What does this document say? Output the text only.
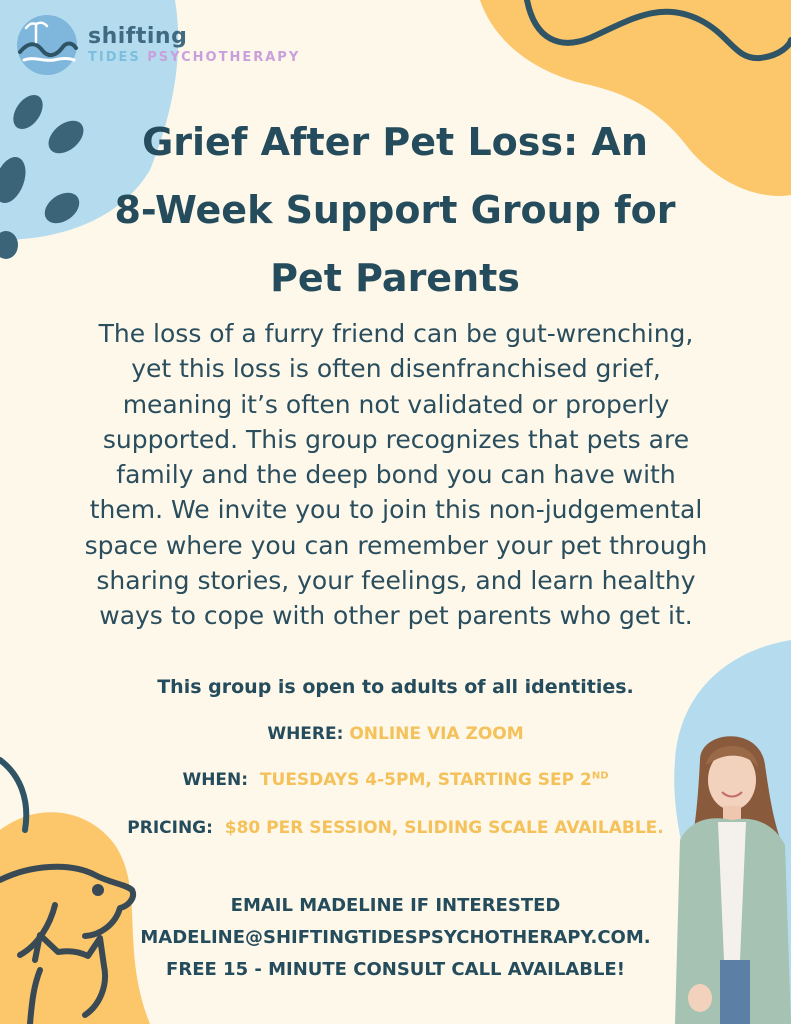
shifting
TIDES PSYCHOTHERAPY
Grief After Pet Loss: An
8-Week Support Group for
Pet Parents

The loss of a furry friend can be gut-wrenching,
yet this loss is often disenfranchised grief,
meaning it’s often not validated or properly
supported. This group recognizes that pets are
family and the deep bond you can have with
them. We invite you to join this non-judgemental
space where you can remember your pet through
sharing stories, your feelings, and learn healthy
ways to cope with other pet parents who get it.

This group is open to adults of all identities.
WHERE: ONLINE VIA ZOOM
WHEN: TUESDAYS 4-5PM, STARTING SEP 2ND
PRICING: $80 PER SESSION, SLIDING SCALE AVAILABLE.
EMAIL MADELINE IF INTERESTED
MADELINE@SHIFTINGTIDESPSYCHOTHERAPY.COM.
FREE 15 - MINUTE CONSULT CALL AVAILABLE!
